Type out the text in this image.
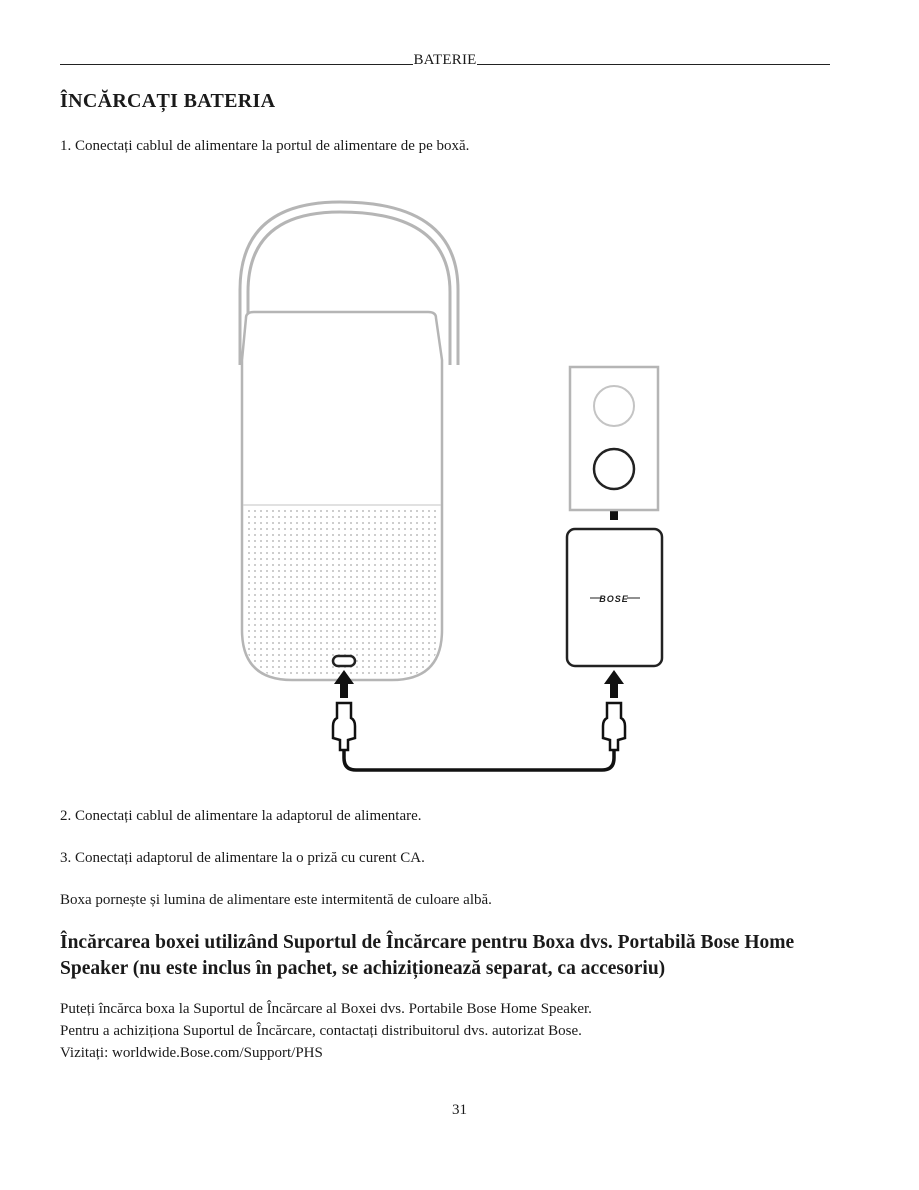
BATERIE
ÎNCĂRCAȚI BATERIA

1. Conectați cablul de alimentare la portul de alimentare de pe boxă.

BOSE

2. Conectați cablul de alimentare la adaptorul de alimentare.

3. Conectați adaptorul de alimentare la o priză cu curent CA.

Boxa pornește și lumina de alimentare este intermitentă de culoare albă.

Încărcarea boxei utilizând Suportul de Încărcare pentru Boxa dvs. Portabilă Bose Home Speaker (nu este inclus în pachet, se achiziționează separat, ca accesoriu)
Puteți încărca boxa la Suportul de Încărcare al Boxei dvs. Portabile Bose Home Speaker.
Pentru a achiziționa Suportul de Încărcare, contactați distribuitorul dvs. autorizat Bose.
Vizitați: worldwide.Bose.com/Support/PHS
31
